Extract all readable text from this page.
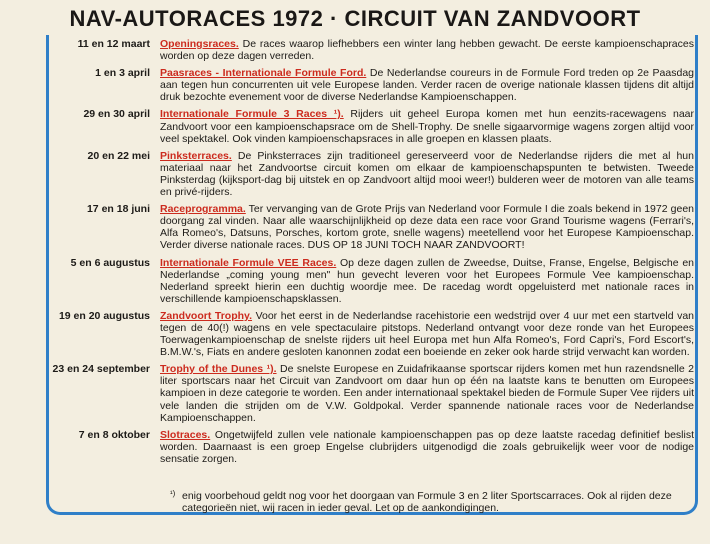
NAV-AUTORACES 1972 · CIRCUIT VAN ZANDVOORT
11 en 12 maart Openingsraces. De races waarop liefhebbers een winter lang hebben gewacht. De eerste kampioenschapraces worden op deze dagen verreden.
1 en 3 april Paasraces - Internationale Formule Ford. De Nederlandse coureurs in de Formule Ford treden op 2e Paasdag aan tegen hun concurrenten uit vele Europese landen. Verder racen de overige nationale klassen tijdens dit altijd druk bezochte evenement voor de diverse Nederlandse Kampioenschappen.
29 en 30 april Internationale Formule 3 Races ¹). Rijders uit geheel Europa komen met hun eenzits-racewagens naar Zandvoort voor een kampioenschapsrace om de Shell-Trophy. De snelle sigaarvormige wagens zorgen altijd voor veel spektakel. Ook vinden kampioenschapsraces in alle groepen en klassen plaats.
20 en 22 mei Pinksterraces. De Pinksterraces zijn traditioneel gereserveerd voor de Nederlandse rijders die met al hun materiaal naar het Zandvoortse circuit komen om elkaar de kampioenschapspunten te betwisten. Tweede Pinksterdag (kijksport-dag bij uitstek en op Zandvoort altijd mooi weer!) bulderen weer de motoren van alle teams en privé-rijders.
17 en 18 juni Raceprogramma. Ter vervanging van de Grote Prijs van Nederland voor Formule I die zoals bekend in 1972 geen doorgang zal vinden. Naar alle waarschijnlijkheid op deze data een race voor Grand Tourisme wagens (Ferrari's, Alfa Romeo's, Datsuns, Porsches, kortom grote, snelle wagens) meetellend voor het Europese Kampioenschap. Verder diverse nationale races. DUS OP 18 JUNI TOCH NAAR ZANDVOORT!
5 en 6 augustus Internationale Formule VEE Races. Op deze dagen zullen de Zweedse, Duitse, Franse, Engelse, Belgische en Nederlandse „coming young men" hun gevecht leveren voor het Europees Formule Vee kampioenschap. Nederland spreekt hierin een duchtig woordje mee. De racedag wordt opgeluisterd met nationale races in verschillende kampioenschapsklassen.
19 en 20 augustus Zandvoort Trophy. Voor het eerst in de Nederlandse racehistorie een wedstrijd over 4 uur met een startveld van tegen de 40(!) wagens en vele spectaculaire pitstops. Nederland ontvangt voor deze ronde van het Europees Toerwagenkampioenschap de snelste rijders uit heel Europa met hun Alfa Romeo's, Ford Capri's, Ford Escort's, B.M.W.'s, Fiats en andere gesloten kanonnen zodat een boeiende en zeker ook harde strijd verwacht kan worden.
23 en 24 september Trophy of the Dunes ¹). De snelste Europese en Zuidafrikaanse sportscar rijders komen met hun razendsnelle 2 liter sportscars naar het Circuit van Zandvoort om daar hun op één na laatste kans te benutten om Europees kampioen in deze categorie te worden. Een ander internationaal spektakel bieden de Formule Super Vee rijders uit vele landen die strijden om de V.W. Goldpokal. Verder spannende nationale races voor de Nederlandse Kampioenschappen.
7 en 8 oktober Slotraces. Ongetwijfeld zullen vele nationale kampioenschappen pas op deze laatste racedag definitief beslist worden. Daarnaast is een groep Engelse clubrijders uitgenodigd die zoals gebruikelijk weer voor de nodige sensatie zorgen.
¹) enig voorbehoud geldt nog voor het doorgaan van Formule 3 en 2 liter Sportscarraces. Ook al rijden deze categorieën niet, wij racen in ieder geval. Let op de aankondigingen.
